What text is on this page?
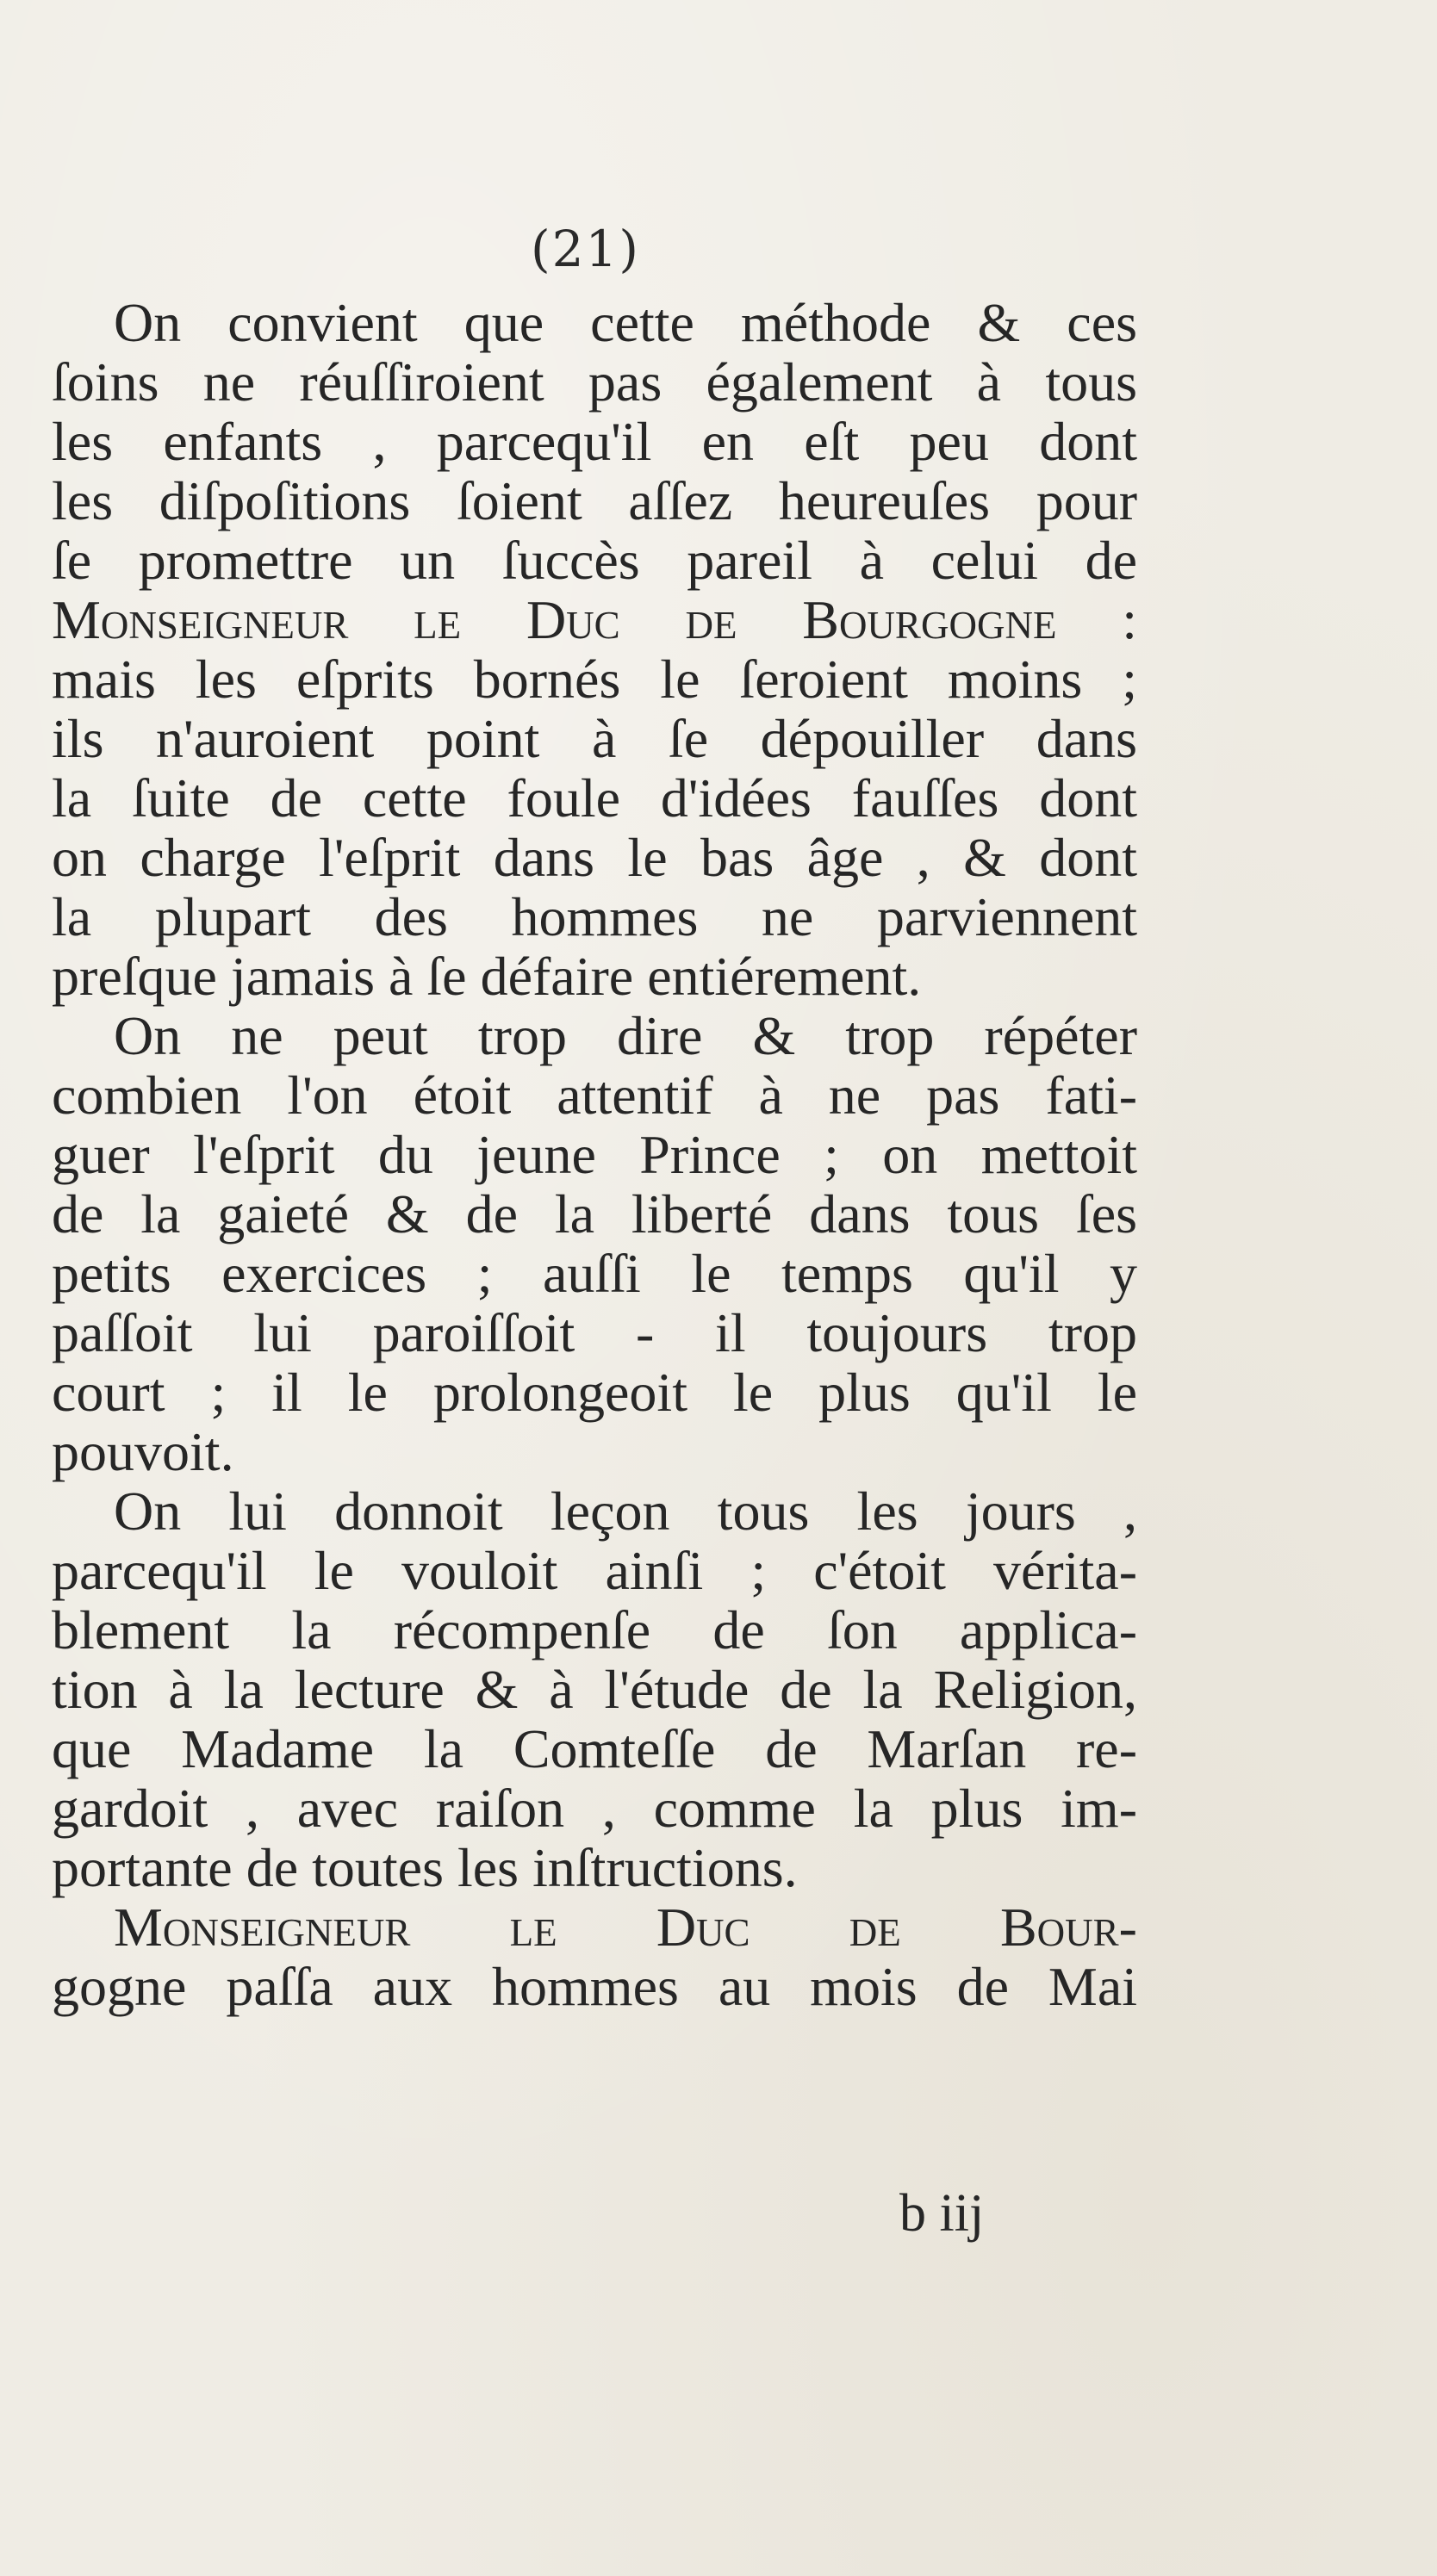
(21)
On convient que cette méthode & ces
ſoins ne réuſſiroient pas également à tous
les enfants , parcequ'il en eſt peu dont
les diſpoſitions ſoient aſſez heureuſes pour
ſe promettre un ſuccès pareil à celui de
Monseigneur le Duc de Bourgogne :
mais les eſprits bornés le ſeroient moins ;
ils n'auroient point à ſe dépouiller dans
la ſuite de cette foule d'idées fauſſes dont
on charge l'eſprit dans le bas âge , & dont
la plupart des hommes ne parviennent
preſque jamais à ſe défaire entiérement.
On ne peut trop dire & trop répéter
combien l'on étoit attentif à ne pas fati-
guer l'eſprit du jeune Prince ; on mettoit
de la gaieté & de la liberté dans tous ſes
petits exercices ; auſſi le temps qu'il y
paſſoit lui paroiſſoit - il toujours trop
court ; il le prolongeoit le plus qu'il le
pouvoit.
On lui donnoit leçon tous les jours ,
parcequ'il le vouloit ainſi ; c'étoit vérita-
blement la récompenſe de ſon applica-
tion à la lecture & à l'étude de la Religion,
que Madame la Comteſſe de Marſan re-
gardoit , avec raiſon , comme la plus im-
portante de toutes les inſtructions.
Monseigneur le Duc de Bour-
gogne paſſa aux hommes au mois de Mai
b iij
